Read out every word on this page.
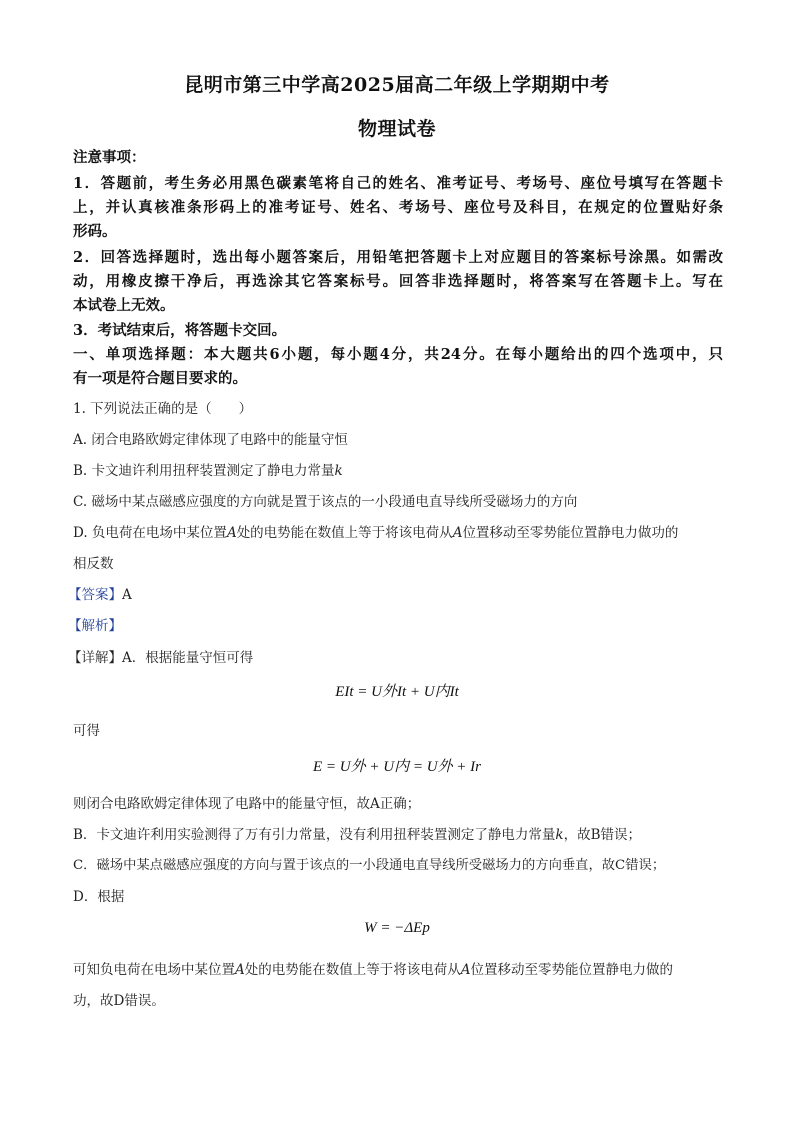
昆明市第三中学高2025届高二年级上学期期中考
物理试卷
注意事项：
1．答题前，考生务必用黑色碳素笔将自己的姓名、准考证号、考场号、座位号填写在答题卡
上，并认真核准条形码上的准考证号、姓名、考场号、座位号及科目，在规定的位置贴好条
形码。
2．回答选择题时，选出每小题答案后，用铅笔把答题卡上对应题目的答案标号涂黑。如需改
动，用橡皮擦干净后，再选涂其它答案标号。回答非选择题时，将答案写在答题卡上。写在
本试卷上无效。
3．考试结束后，将答题卡交回。
一、单项选择题：本大题共6小题，每小题4分，共24分。在每小题给出的四个选项中，只
有一项是符合题目要求的。
1. 下列说法正确的是（　　）
A. 闭合电路欧姆定律体现了电路中的能量守恒
B. 卡文迪许利用扭秤装置测定了静电力常量k
C. 磁场中某点磁感应强度的方向就是置于该点的一小段通电直导线所受磁场力的方向
D. 负电荷在电场中某位置A处的电势能在数值上等于将该电荷从A位置移动至零势能位置静电力做功的
相反数
【答案】A
【解析】
【详解】A．根据能量守恒可得
EIt = U外It + U内It
可得
E = U外 + U内 = U外 + Ir
则闭合电路欧姆定律体现了电路中的能量守恒，故A正确；
B．卡文迪许利用实验测得了万有引力常量，没有利用扭秤装置测定了静电力常量k，故B错误；
C．磁场中某点磁感应强度的方向与置于该点的一小段通电直导线所受磁场力的方向垂直，故C错误；
D．根据
W = −ΔEp
可知负电荷在电场中某位置A处的电势能在数值上等于将该电荷从A位置移动至零势能位置静电力做的
功，故D错误。
